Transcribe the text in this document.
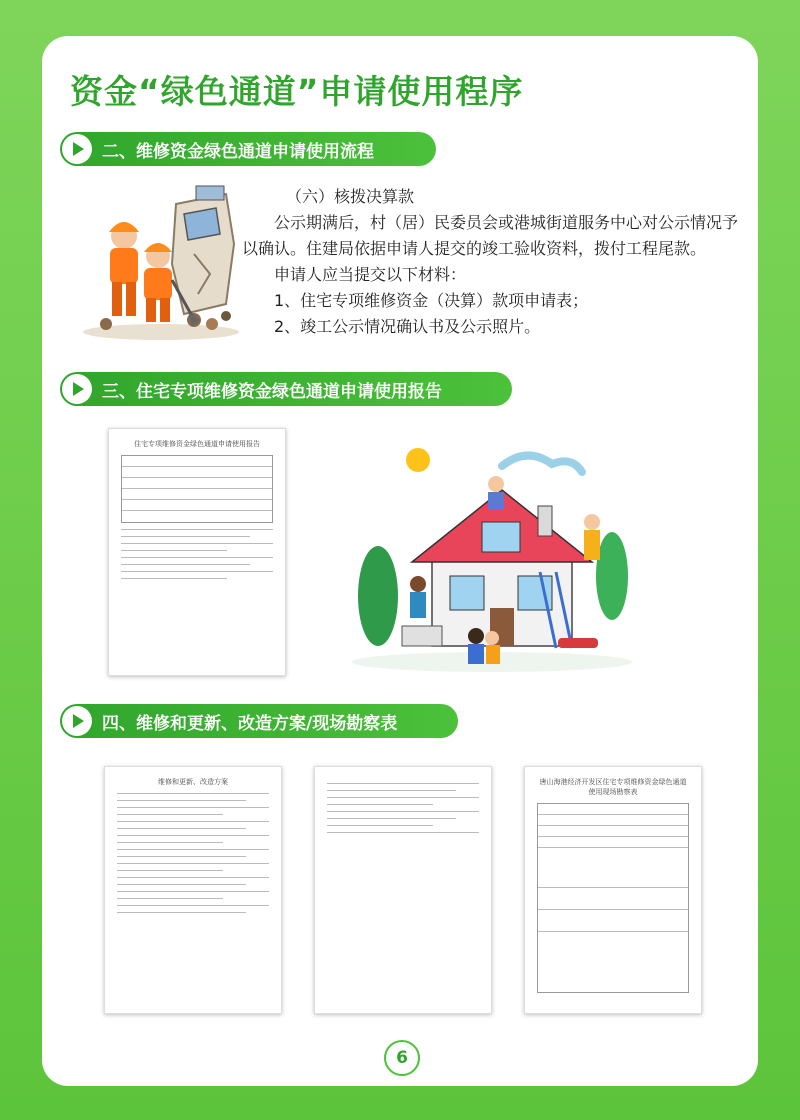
资金“绿色通道”申请使用程序
二、维修资金绿色通道申请使用流程

（六）核拨决算款

公示期满后，村（居）民委员会或港城街道服务中心对公示情况予以确认。住建局依据申请人提交的竣工验收资料，拨付工程尾款。

申请人应当提交以下材料：

1、住宅专项维修资金（决算）款项申请表；

2、竣工公示情况确认书及公示照片。

三、住宅专项维修资金绿色通道申请使用报告
住宅专项维修资金绿色通道申请使用报告
四、维修和更新、改造方案/现场勘察表
维修和更新、改造方案	唐山海港经济开发区住宅专项维修资金绿色通道使用现场勘察表
6
